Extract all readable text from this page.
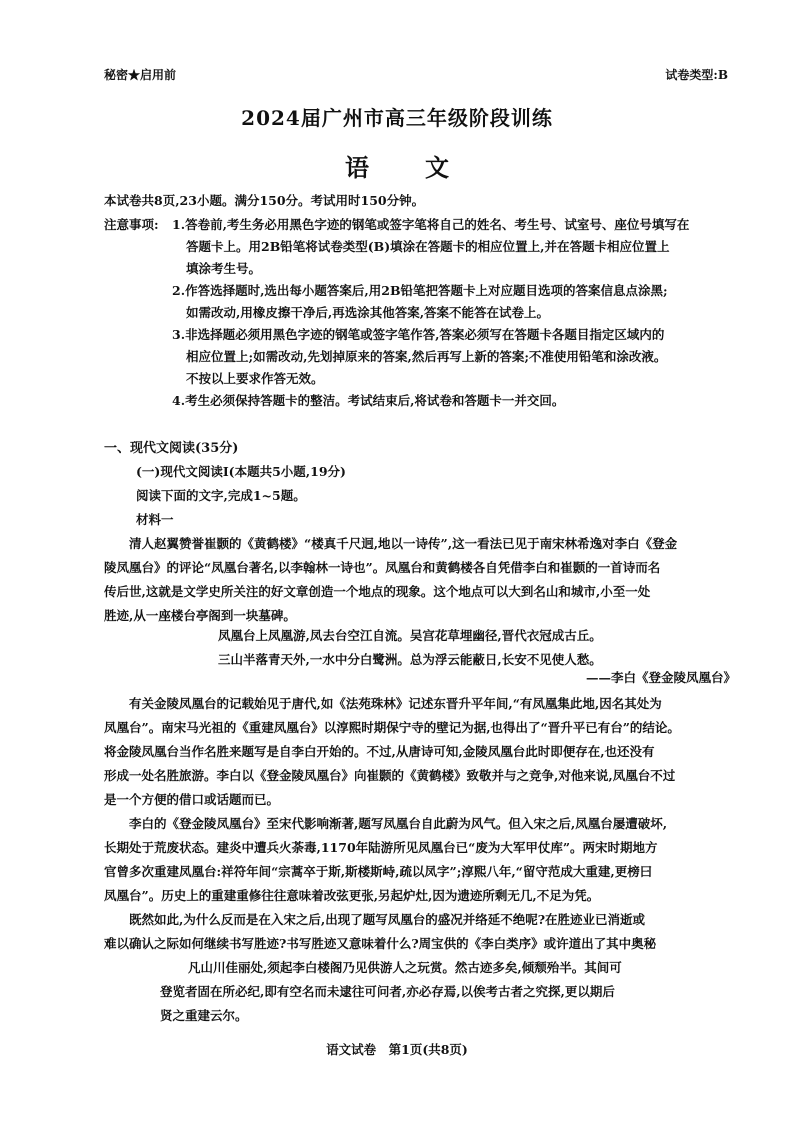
秘密★启用前	试卷类型:B
2024届广州市高三年级阶段训练
语 文
本试卷共8页,23小题。满分150分。考试用时150分钟。
注意事项: 1.答卷前,考生务必用黑色字迹的钢笔或签字笔将自己的姓名、考生号、试室号、座位号填写在
答题卡上。用2B铅笔将试卷类型(B)填涂在答题卡的相应位置上,并在答题卡相应位置上
填涂考生号。
2.作答选择题时,选出每小题答案后,用2B铅笔把答题卡上对应题目选项的答案信息点涂黑;
如需改动,用橡皮擦干净后,再选涂其他答案,答案不能答在试卷上。
3.非选择题必须用黑色字迹的钢笔或签字笔作答,答案必须写在答题卡各题目指定区域内的
相应位置上;如需改动,先划掉原来的答案,然后再写上新的答案;不准使用铅笔和涂改液。
不按以上要求作答无效。
4.考生必须保持答题卡的整洁。考试结束后,将试卷和答题卡一并交回。
一、现代文阅读(35分)
(一)现代文阅读Ⅰ(本题共5小题,19分)
阅读下面的文字,完成1~5题。
材料一
清人赵翼赞誉崔颢的《黄鹤楼》“楼真千尺迥,地以一诗传”,这一看法已见于南宋林希逸对李白《登金
陵凤凰台》的评论“凤凰台著名,以李翰林一诗也”。凤凰台和黄鹤楼各自凭借李白和崔颢的一首诗而名
传后世,这就是文学史所关注的好文章创造一个地点的现象。这个地点可以大到名山和城市,小至一处
胜迹,从一座楼台亭阁到一块墓碑。
凤凰台上凤凰游,凤去台空江自流。吴宫花草埋幽径,晋代衣冠成古丘。
三山半落青天外,一水中分白鹭洲。总为浮云能蔽日,长安不见使人愁。
——李白《登金陵凤凰台》
有关金陵凤凰台的记载始见于唐代,如《法苑珠林》记述东晋升平年间,“有凤凰集此地,因名其处为
凤凰台”。南宋马光祖的《重建凤凰台》以淳熙时期保宁寺的壁记为据,也得出了“晋升平已有台”的结论。
将金陵凤凰台当作名胜来题写是自李白开始的。不过,从唐诗可知,金陵凤凰台此时即便存在,也还没有
形成一处名胜旅游。李白以《登金陵凤凰台》向崔颢的《黄鹤楼》致敬并与之竞争,对他来说,凤凰台不过
是一个方便的借口或话题而已。
李白的《登金陵凤凰台》至宋代影响渐著,题写凤凰台自此蔚为风气。但入宋之后,凤凰台屡遭破坏,
长期处于荒废状态。建炎中遭兵火荼毒,1170年陆游所见凤凰台已“废为大军甲仗库”。两宋时期地方
官曾多次重建凤凰台:祥符年间“宗蒿卒于斯,斯楼斯峙,疏以凤字”;淳熙八年,“留守范成大重建,更榜曰
凤凰台”。历史上的重建重修往往意味着改弦更张,另起炉灶,因为遗迹所剩无几,不足为凭。
既然如此,为什么反而是在入宋之后,出现了题写凤凰台的盛况并络延不绝呢?在胜迹业已消逝或
难以确认之际如何继续书写胜迹?书写胜迹又意味着什么?周宝供的《李白类序》或许道出了其中奥秘
凡山川佳丽处,须起李白楼阁乃见供游人之玩赏。然古迹多矣,倾颓殆半。其间可
登览者固在所必纪,即有空名而未逮往可问者,亦必存焉,以俟考古者之究探,更以期后
贤之重建云尔。
语文试卷　第1页(共8页)
